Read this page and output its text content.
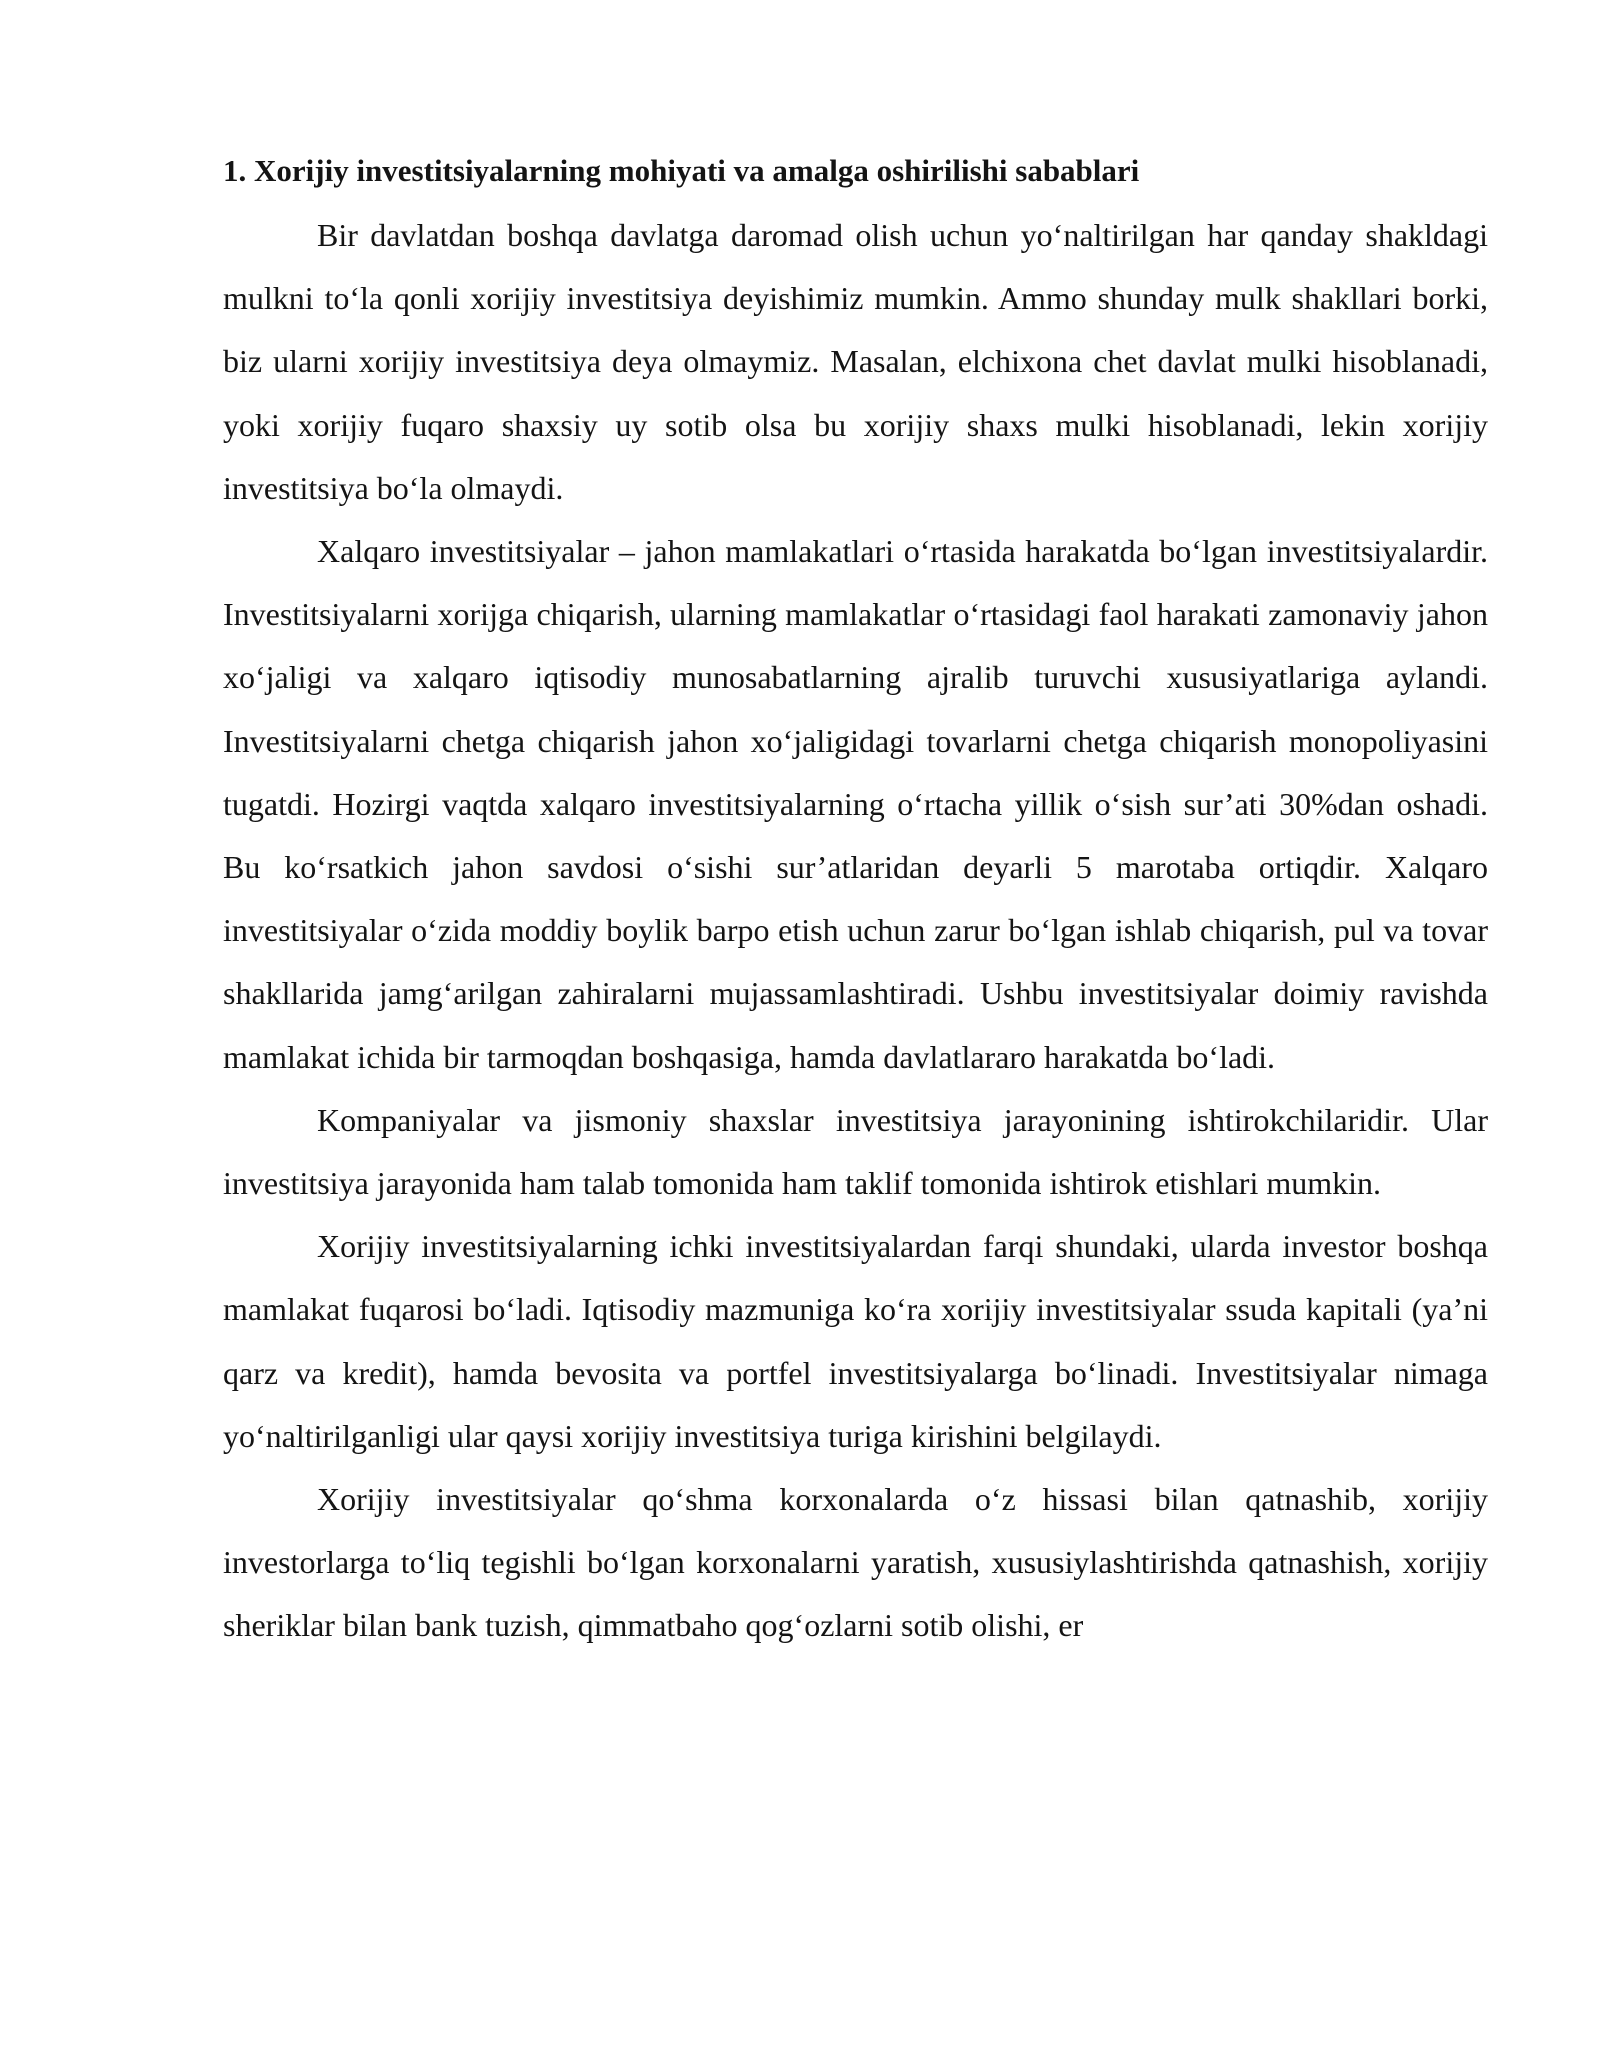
1. Xorijiy investitsiyalarning mohiyati va amalga oshirilishi sabablari

Bir davlatdan boshqa davlatga daromad olish uchun yo‘naltirilgan har qanday shakldagi mulkni to‘la qonli xorijiy investitsiya deyishimiz mumkin. Ammo shunday mulk shakllari borki, biz ularni xorijiy investitsiya deya olmaymiz. Masalan, elchixona chet davlat mulki hisoblanadi, yoki xorijiy fuqaro shaxsiy uy sotib olsa bu xorijiy shaxs mulki hisoblanadi, lekin xorijiy investitsiya bo‘la olmaydi.

Xalqaro investitsiyalar – jahon mamlakatlari o‘rtasida harakatda bo‘lgan investitsiyalardir. Investitsiyalarni xorijga chiqarish, ularning mamlakatlar o‘rtasidagi faol harakati zamonaviy jahon xo‘jaligi va xalqaro iqtisodiy munosabatlarning ajralib turuvchi xususiyatlariga aylandi. Investitsiyalarni chetga chiqarish jahon xo‘jaligidagi tovarlarni chetga chiqarish monopoliyasini tugatdi. Hozirgi vaqtda xalqaro investitsiyalarning o‘rtacha yillik o‘sish sur’ati 30%dan oshadi. Bu ko‘rsatkich jahon savdosi o‘sishi sur’atlaridan deyarli 5 marotaba ortiqdir. Xalqaro investitsiyalar o‘zida moddiy boylik barpo etish uchun zarur bo‘lgan ishlab chiqarish, pul va tovar shakllarida jamg‘arilgan zahiralarni mujassamlashtiradi. Ushbu investitsiyalar doimiy ravishda mamlakat ichida bir tarmoqdan boshqasiga, hamda davlatlararo harakatda bo‘ladi.

Kompaniyalar va jismoniy shaxslar investitsiya jarayonining ishtirokchilaridir. Ular investitsiya jarayonida ham talab tomonida ham taklif tomonida ishtirok etishlari mumkin.

Xorijiy investitsiyalarning ichki investitsiyalardan farqi shundaki, ularda investor boshqa mamlakat fuqarosi bo‘ladi. Iqtisodiy mazmuniga ko‘ra xorijiy investitsiyalar ssuda kapitali (ya’ni qarz va kredit), hamda bevosita va portfel investitsiyalarga bo‘linadi. Investitsiyalar nimaga yo‘naltirilganligi ular qaysi xorijiy investitsiya turiga kirishini belgilaydi.

Xorijiy investitsiyalar qo‘shma korxonalarda o‘z hissasi bilan qatnashib, xorijiy investorlarga to‘liq tegishli bo‘lgan korxonalarni yaratish, xususiylashtirishda qatnashish, xorijiy sheriklar bilan bank tuzish, qimmatbaho qog‘ozlarni sotib olishi, er
